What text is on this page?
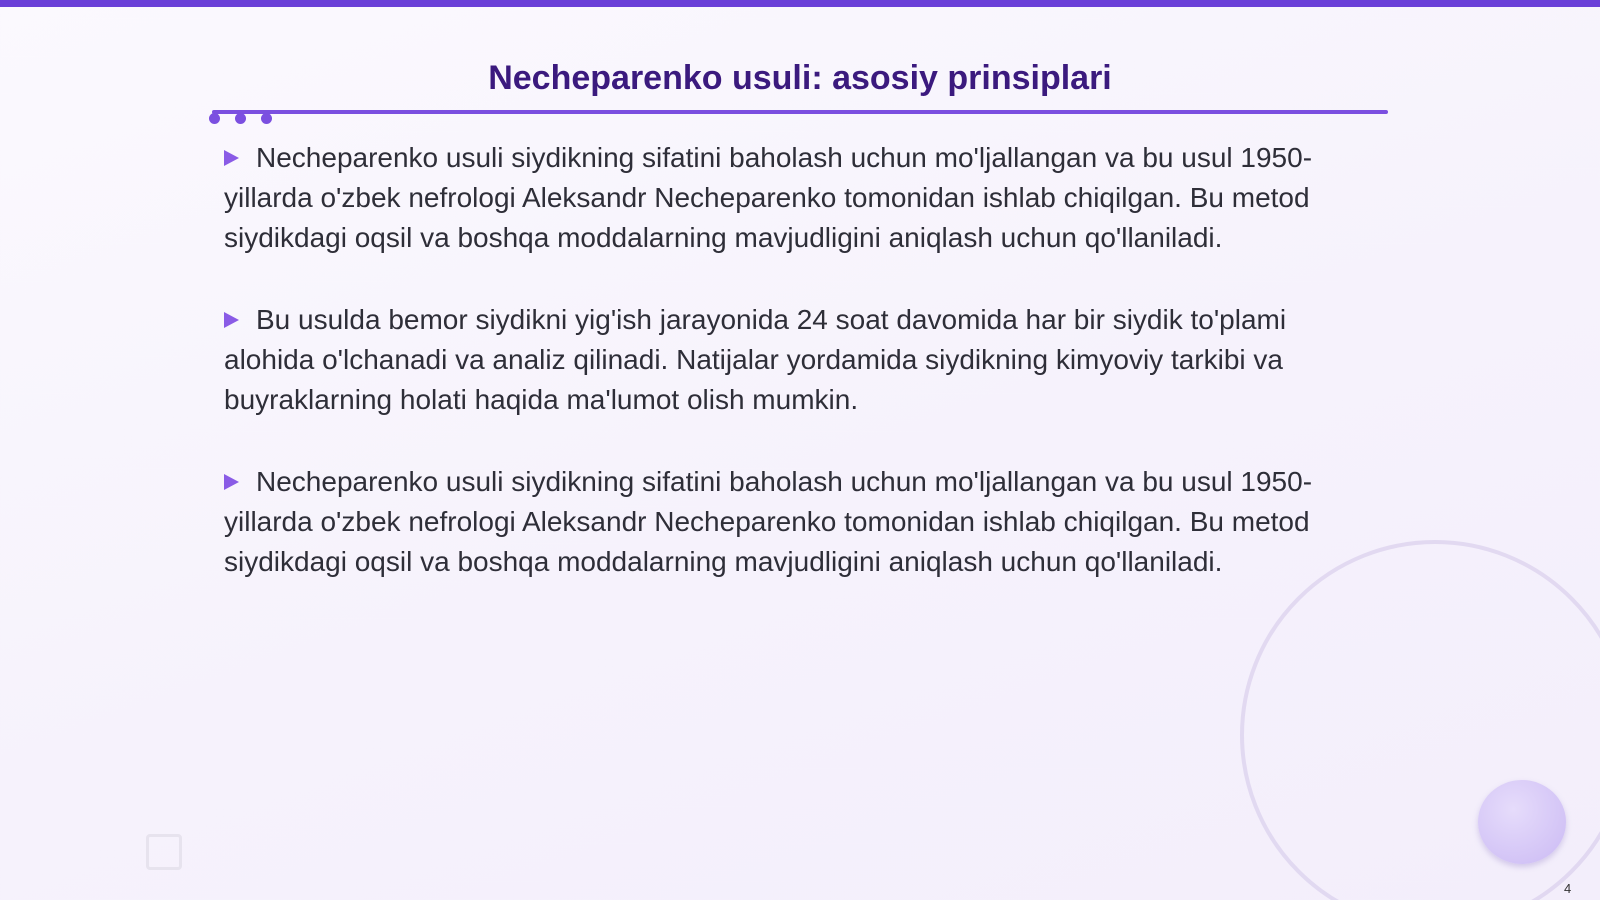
Necheparenko usuli: asosiy prinsiplari
Necheparenko usuli siydikning sifatini baholash uchun mo'ljallangan va bu usul 1950-yillarda o'zbek nefrologi Aleksandr Necheparenko tomonidan ishlab chiqilgan. Bu metod siydikdagi oqsil va boshqa moddalarning mavjudligini aniqlash uchun qo'llaniladi.
Bu usulda bemor siydikni yig'ish jarayonida 24 soat davomida har bir siydik to'plami alohida o'lchanadi va analiz qilinadi. Natijalar yordamida siydikning kimyoviy tarkibi va buyraklarning holati haqida ma'lumot olish mumkin.
Necheparenko usuli siydikning sifatini baholash uchun mo'ljallangan va bu usul 1950-yillarda o'zbek nefrologi Aleksandr Necheparenko tomonidan ishlab chiqilgan. Bu metod siydikdagi oqsil va boshqa moddalarning mavjudligini aniqlash uchun qo'llaniladi.
4
